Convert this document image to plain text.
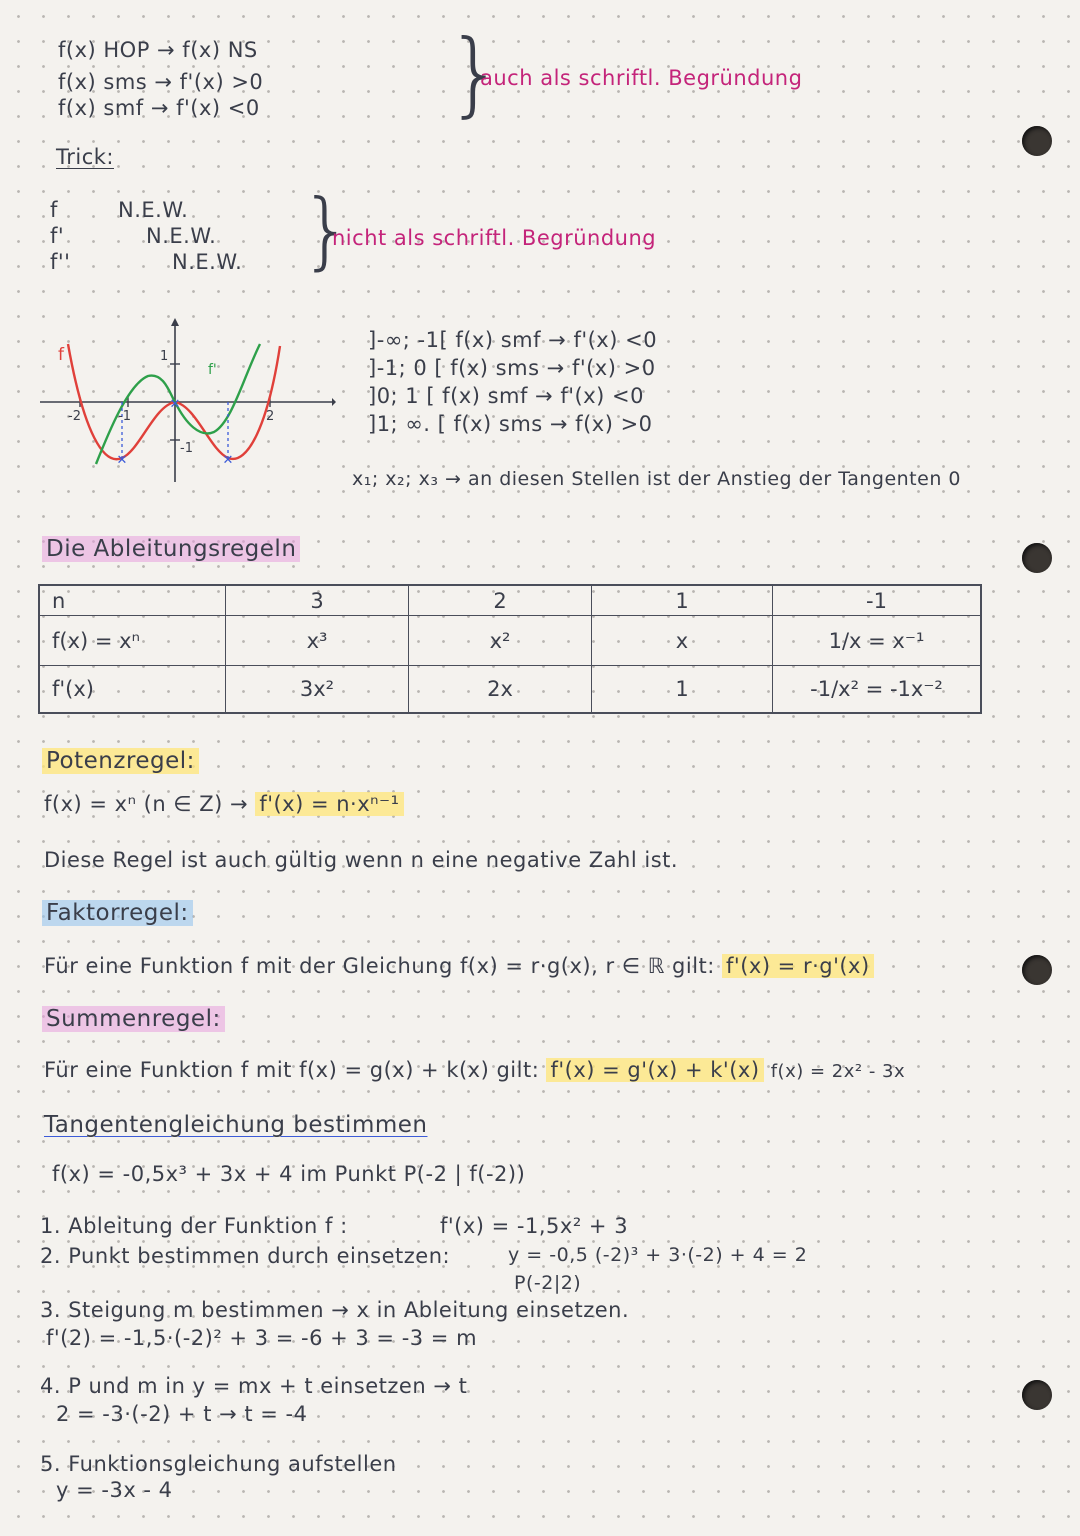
f(x) HOP → f(x) NS
f(x) sms → f'(x) >0
f(x) smf → f'(x) <0 }
auch als schriftl. Begründung
Trick:
f	N.E.W.
f'	N.E.W.
f''	N.E.W. }
nicht als schriftl. Begründung
✕	✕
✕
f
f'
-2	-1	2
1
-1
]-∞; -1[ f(x) smf → f'(x) <0
]-1; 0 [ f(x) sms → f'(x) >0
]0; 1 [ f(x) smf → f'(x) <0
]1; ∞. [ f(x) sms → f(x) >0
x₁; x₂; x₃ → an diesen Stellen ist der Anstieg der Tangenten 0
Die Ableitungsregeln
n	3	2	1	-1
f(x) = xⁿ	x³	x²	x	1/x = x⁻¹
f'(x)	3x²	2x	1	-1/x² = -1x⁻²
Potenzregel:
f(x) = xⁿ (n ∈ Z) → f'(x) = n·xⁿ⁻¹
Diese Regel ist auch gültig wenn n eine negative Zahl ist.
Faktorregel:
Für eine Funktion f mit der Gleichung f(x) = r·g(x), r ∈ ℝ gilt: f'(x) = r·g'(x)
Summenregel:
Für eine Funktion f mit f(x) = g(x) + k(x) gilt: f'(x) = g'(x) + k'(x) f(x) = 2x² - 3x
Tangentengleichung bestimmen
f(x) = -0,5x³ + 3x + 4 im Punkt P(-2 | f(-2))
1. Ableitung der Funktion f :	f'(x) = -1,5x² + 3
2. Punkt bestimmen durch einsetzen:	y = -0,5 (-2)³ + 3·(-2) + 4 = 2
P(-2|2)
3. Steigung m bestimmen → x in Ableitung einsetzen.
f'(2) = -1,5·(-2)² + 3 = -6 + 3 = -3 = m
4. P und m in y = mx + t einsetzen → t
2 = -3·(-2) + t → t = -4
5. Funktionsgleichung aufstellen
y = -3x - 4
